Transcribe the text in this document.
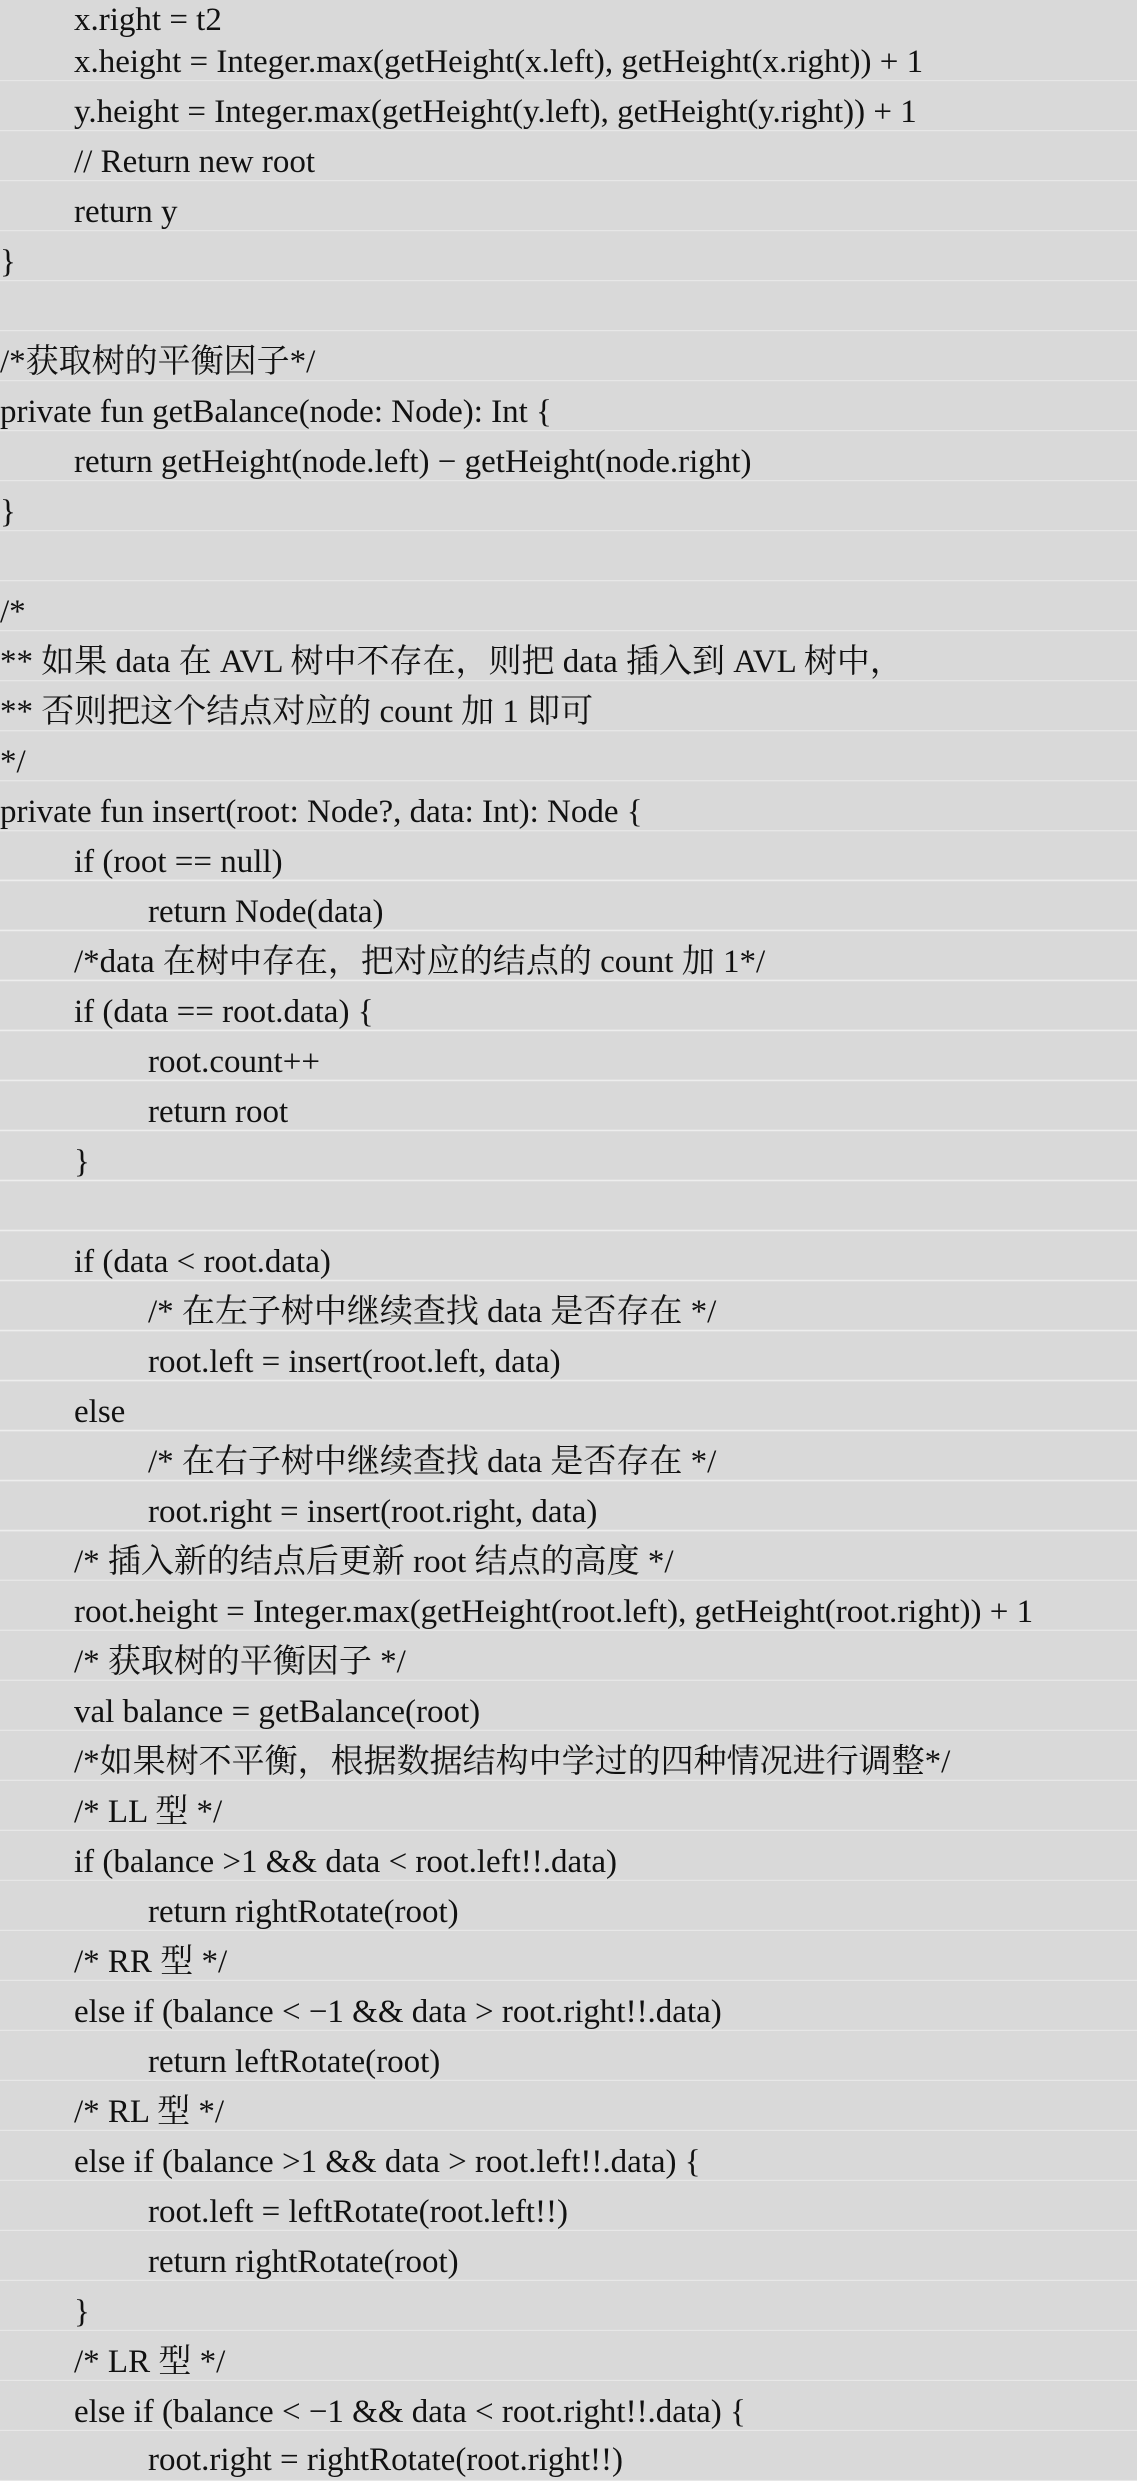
x.right = t2
x.height = Integer.max(getHeight(x.left), getHeight(x.right)) + 1
y.height = Integer.max(getHeight(y.left), getHeight(y.right)) + 1
// Return new root
return y
}
/*获取树的平衡因子*/
private fun getBalance(node: Node): Int {
return getHeight(node.left) − getHeight(node.right)
}
/*
** 如果 data 在 AVL 树中不存在，则把 data 插入到 AVL 树中，
** 否则把这个结点对应的 count 加 1 即可
*/
private fun insert(root: Node?, data: Int): Node {
if (root == null)
return Node(data)
/*data 在树中存在，把对应的结点的 count 加 1*/
if (data == root.data) {
root.count++
return root
}
if (data < root.data)
/* 在左子树中继续查找 data 是否存在 */
root.left = insert(root.left, data)
else
/* 在右子树中继续查找 data 是否存在 */
root.right = insert(root.right, data)
/* 插入新的结点后更新 root 结点的高度 */
root.height = Integer.max(getHeight(root.left), getHeight(root.right)) + 1
/* 获取树的平衡因子 */
val balance = getBalance(root)
/*如果树不平衡，根据数据结构中学过的四种情况进行调整*/
/* LL 型 */
if (balance >1 && data < root.left!!.data)
return rightRotate(root)
/* RR 型 */
else if (balance < −1 && data > root.right!!.data)
return leftRotate(root)
/* RL 型 */
else if (balance >1 && data > root.left!!.data) {
root.left = leftRotate(root.left!!)
return rightRotate(root)
}
/* LR 型 */
else if (balance < −1 && data < root.right!!.data) {
root.right = rightRotate(root.right!!)
